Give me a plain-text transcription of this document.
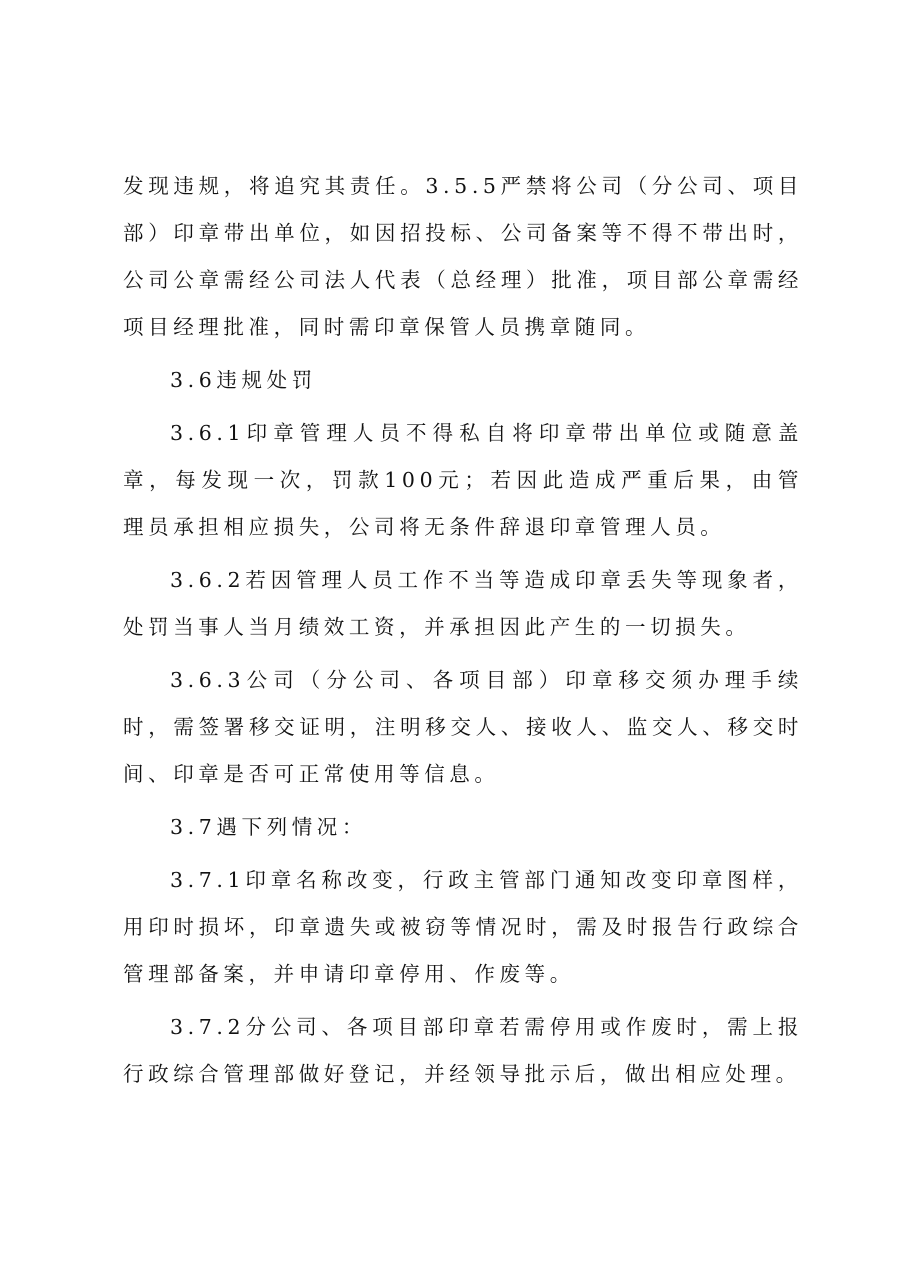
发现违规，将追究其责任。3.5.5严禁将公司（分公司、项目部）印章带出单位，如因招投标、公司备案等不得不带出时，公司公章需经公司法人代表（总经理）批准，项目部公章需经项目经理批准，同时需印章保管人员携章随同。

3.6违规处罚

3.6.1印章管理人员不得私自将印章带出单位或随意盖章，每发现一次，罚款100元；若因此造成严重后果，由管理员承担相应损失，公司将无条件辞退印章管理人员。

3.6.2若因管理人员工作不当等造成印章丢失等现象者，处罚当事人当月绩效工资，并承担因此产生的一切损失。

3.6.3公司（分公司、各项目部）印章移交须办理手续时，需签署移交证明，注明移交人、接收人、监交人、移交时间、印章是否可正常使用等信息。

3.7遇下列情况：

3.7.1印章名称改变，行政主管部门通知改变印章图样，用印时损坏，印章遗失或被窃等情况时，需及时报告行政综合管理部备案，并申请印章停用、作废等。

3.7.2分公司、各项目部印章若需停用或作废时，需上报行政综合管理部做好登记，并经领导批示后，做出相应处理。
